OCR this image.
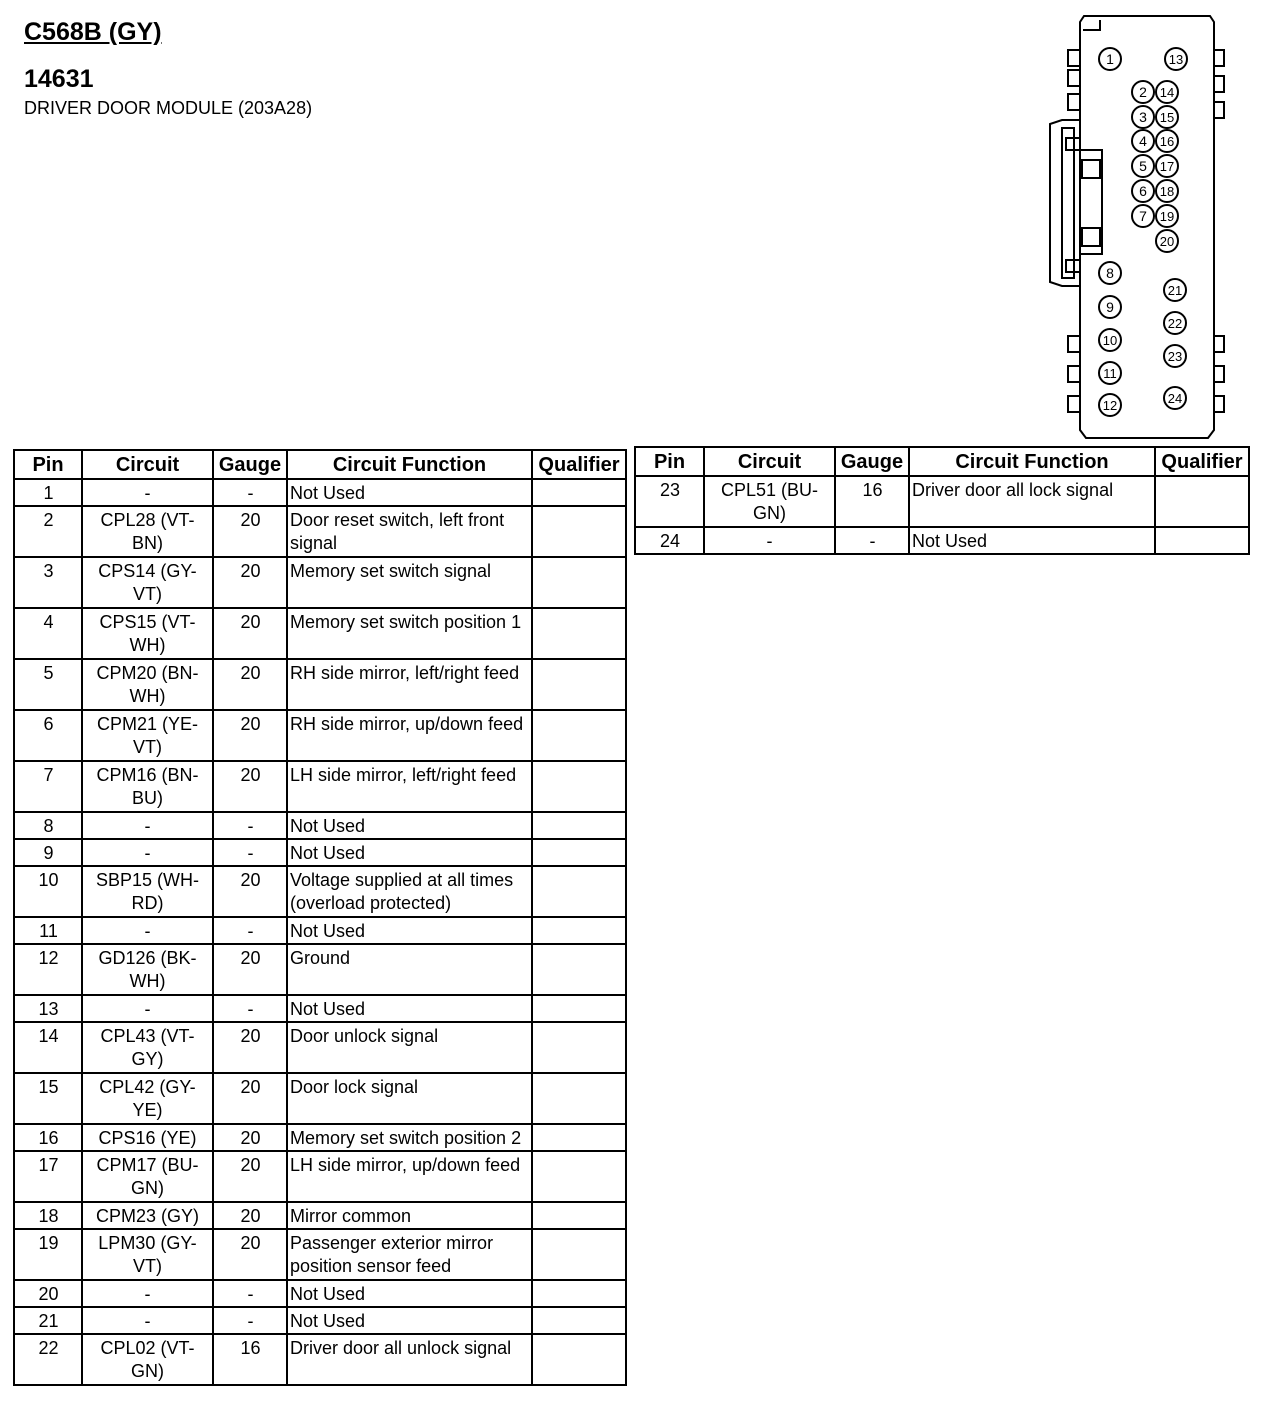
C568B (GY)
14631

DRIVER DOOR MODULE (203A28)

1	13
2 14
3 15
4 16
5 17
6 18
7 19
20
8
9
10
11
12
21
22
23
24
Pin	Circuit	Gauge	Circuit Function	Qualifier
1	-	-	Not Used	
2	CPL28 (VT-BN)	20	Door reset switch, left front signal	
3	CPS14 (GY-VT)	20	Memory set switch signal	
4	CPS15 (VT-WH)	20	Memory set switch position 1	
5	CPM20 (BN-WH)	20	RH side mirror, left/right feed	
6	CPM21 (YE-VT)	20	RH side mirror, up/down feed	
7	CPM16 (BN-BU)	20	LH side mirror, left/right feed	
8	-	-	Not Used	
9	-	-	Not Used	
10	SBP15 (WH-RD)	20	Voltage supplied at all times (overload protected)	
11	-	-	Not Used	
12	GD126 (BK-WH)	20	Ground	
13	-	-	Not Used	
14	CPL43 (VT-GY)	20	Door unlock signal	
15	CPL42 (GY-YE)	20	Door lock signal	
16	CPS16 (YE)	20	Memory set switch position 2	
17	CPM17 (BU-GN)	20	LH side mirror, up/down feed	
18	CPM23 (GY)	20	Mirror common	
19	LPM30 (GY-VT)	20	Passenger exterior mirror position sensor feed	
20	-	-	Not Used	
21	-	-	Not Used	
22	CPL02 (VT-GN)	16	Driver door all unlock signal	
Pin	Circuit	Gauge	Circuit Function	Qualifier
23	CPL51 (BU-GN)	16	Driver door all lock signal	
24	-	-	Not Used	
